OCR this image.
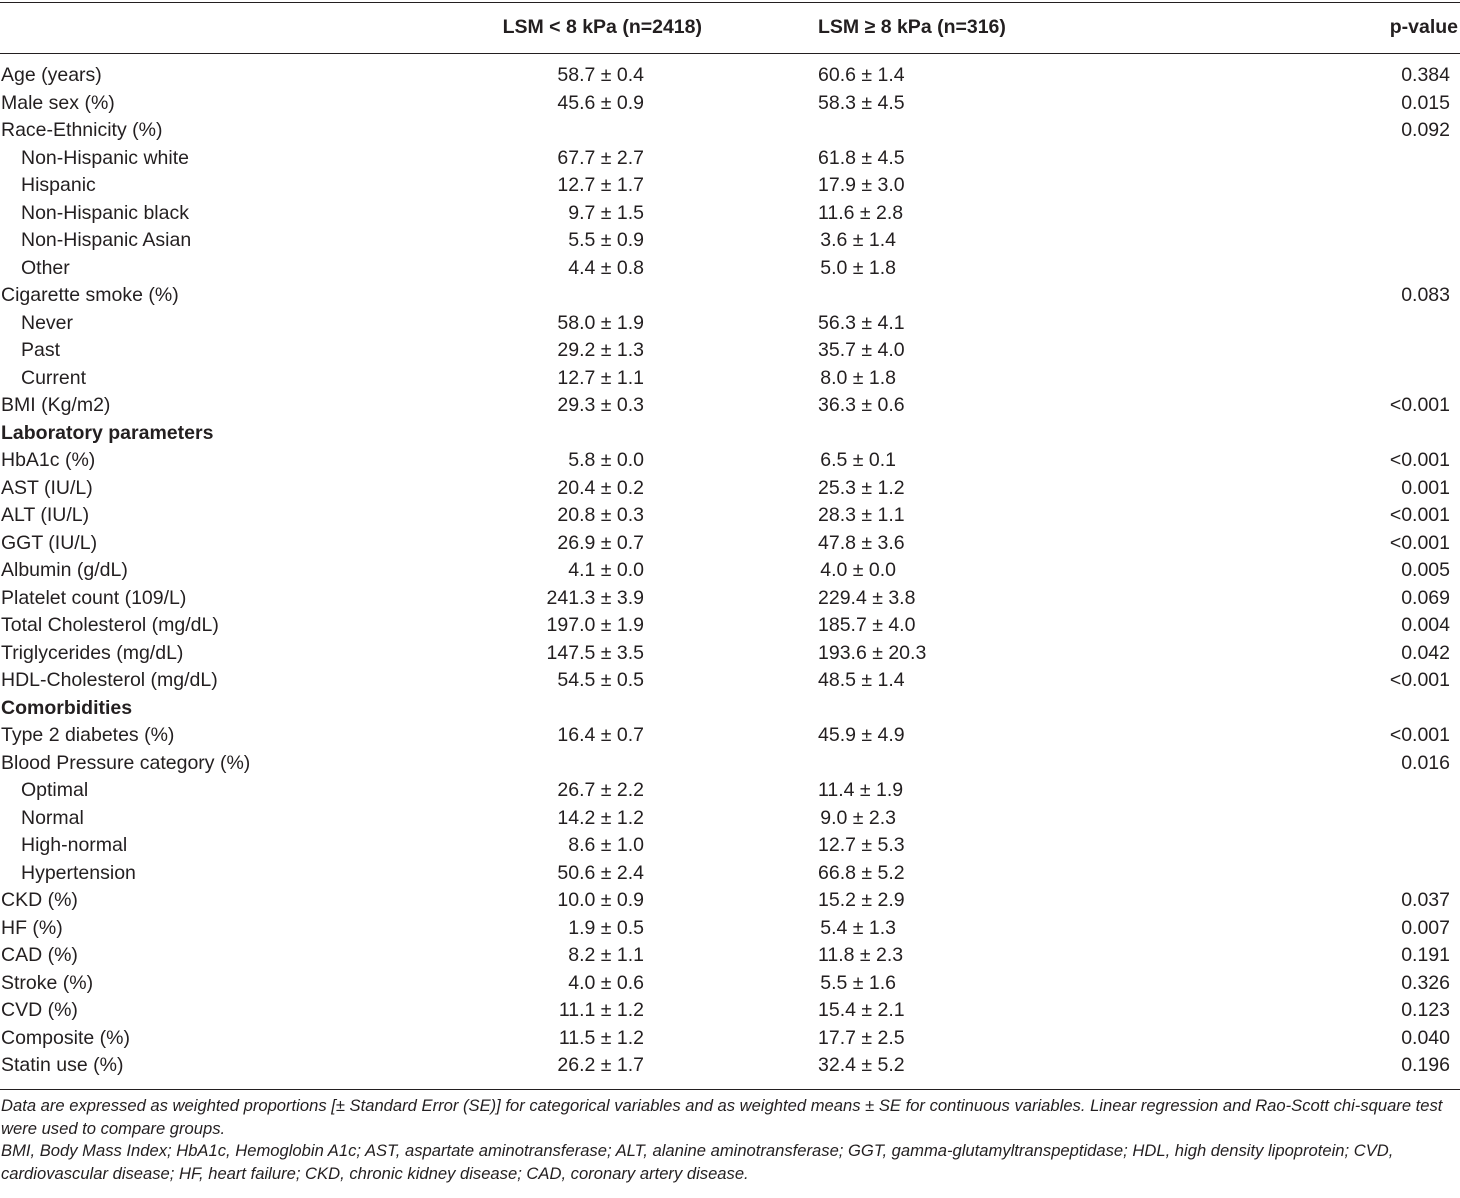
	LSM < 8 kPa (n=2418)	LSM ≥ 8 kPa (n=316)	p-value
Age (years)	58.7 ± 0.4	60.6 ± 1.4	0.384
Male sex (%)	45.6 ± 0.9	58.3 ± 4.5	0.015
Race-Ethnicity (%)			0.092
Non-Hispanic white	67.7 ± 2.7	61.8 ± 4.5	
Hispanic	12.7 ± 1.7	17.9 ± 3.0	
Non-Hispanic black	9.7 ± 1.5	11.6 ± 2.8	
Non-Hispanic Asian	5.5 ± 0.9	3.6 ± 1.4	
Other	4.4 ± 0.8	5.0 ± 1.8	
Cigarette smoke (%)			0.083
Never	58.0 ± 1.9	56.3 ± 4.1	
Past	29.2 ± 1.3	35.7 ± 4.0	
Current	12.7 ± 1.1	8.0 ± 1.8	
BMI (Kg/m2)	29.3 ± 0.3	36.3 ± 0.6	<0.001
Laboratory parameters			
HbA1c (%)	5.8 ± 0.0	6.5 ± 0.1	<0.001
AST (IU/L)	20.4 ± 0.2	25.3 ± 1.2	0.001
ALT (IU/L)	20.8 ± 0.3	28.3 ± 1.1	<0.001
GGT (IU/L)	26.9 ± 0.7	47.8 ± 3.6	<0.001
Albumin (g/dL)	4.1 ± 0.0	4.0 ± 0.0	0.005
Platelet count (109/L)	241.3 ± 3.9	229.4 ± 3.8	0.069
Total Cholesterol (mg/dL)	197.0 ± 1.9	185.7 ± 4.0	0.004
Triglycerides (mg/dL)	147.5 ± 3.5	193.6 ± 20.3	0.042
HDL-Cholesterol (mg/dL)	54.5 ± 0.5	48.5 ± 1.4	<0.001
Comorbidities			
Type 2 diabetes (%)	16.4 ± 0.7	45.9 ± 4.9	<0.001
Blood Pressure category (%)			0.016
Optimal	26.7 ± 2.2	11.4 ± 1.9	
Normal	14.2 ± 1.2	9.0 ± 2.3	
High-normal	8.6 ± 1.0	12.7 ± 5.3	
Hypertension	50.6 ± 2.4	66.8 ± 5.2	
CKD (%)	10.0 ± 0.9	15.2 ± 2.9	0.037
HF (%)	1.9 ± 0.5	5.4 ± 1.3	0.007
CAD (%)	8.2 ± 1.1	11.8 ± 2.3	0.191
Stroke (%)	4.0 ± 0.6	5.5 ± 1.6	0.326
CVD (%)	11.1 ± 1.2	15.4 ± 2.1	0.123
Composite (%)	11.5 ± 1.2	17.7 ± 2.5	0.040
Statin use (%)	26.2 ± 1.7	32.4 ± 5.2	0.196

Data are expressed as weighted proportions [± Standard Error (SE)] for categorical variables and as weighted means ± SE for continuous variables. Linear regression and Rao-Scott chi-square test were used to compare groups.

BMI, Body Mass Index; HbA1c, Hemoglobin A1c; AST, aspartate aminotransferase; ALT, alanine aminotransferase; GGT, gamma-glutamyltranspeptidase; HDL, high density lipoprotein; CVD, cardiovascular disease; HF, heart failure; CKD, chronic kidney disease; CAD, coronary artery disease.
